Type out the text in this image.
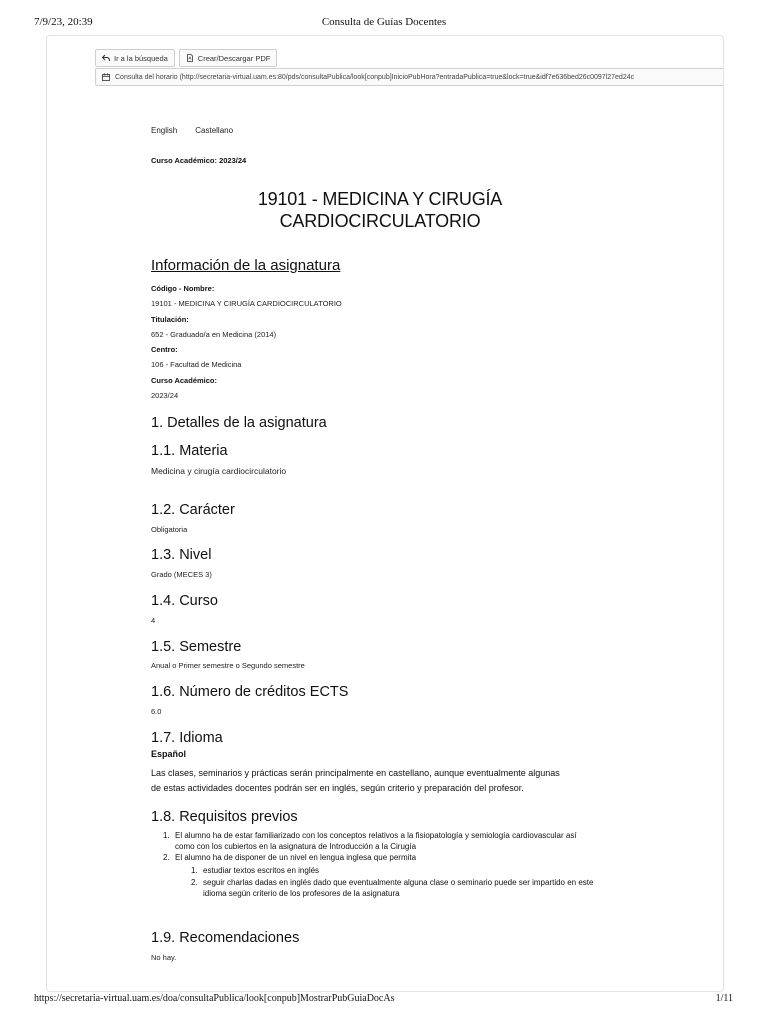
7/9/23, 20:39	Consulta de Guías Docentes
Ir a la búsqueda	Crear/Descargar PDF
Consulta del horario (http://secretaria-virtual.uam.es:80/pds/consultaPublica/look[conpub]InicioPubHora?entradaPublica=true&lock=true&idf7e636bed26c0097l27ed24c
English Castellano
Curso Académico: 2023/24
19101 - MEDICINA Y CIRUGÍA
CARDIOCIRCULATORIO
Información de la asignatura
Código - Nombre:
19101 - MEDICINA Y CIRUGÍA CARDIOCIRCULATORIO
Titulación:
652 - Graduado/a en Medicina (2014)
Centro:
106 - Facultad de Medicina
Curso Académico:
2023/24
1. Detalles de la asignatura
1.1. Materia
Medicina y cirugía cardiocirculatorio
1.2. Carácter
Obligatoria
1.3. Nivel
Grado (MECES 3)
1.4. Curso
4
1.5. Semestre
Anual o Primer semestre o Segundo semestre
1.6. Número de créditos ECTS
6.0
1.7. Idioma
Español
Las clases, seminarios y prácticas serán principalmente en castellano, aunque eventualmente algunas
de estas actividades docentes podrán ser en inglés, según criterio y preparación del profesor.
1.8. Requisitos previos
1. El alumno ha de estar familiarizado con los conceptos relativos a la fisiopatología y semiología cardiovascular así
como con los cubiertos en la asignatura de Introducción a la Cirugía
2. El alumno ha de disponer de un nivel en lengua inglesa que permita
1. estudiar textos escritos en inglés
2. seguir charlas dadas en inglés dado que eventualmente alguna clase o seminario puede ser impartido en este
idioma según criterio de los profesores de la asignatura
1.9. Recomendaciones
No hay.
https://secretaria-virtual.uam.es/doa/consultaPublica/look[conpub]MostrarPubGuiaDocAs	1/11
